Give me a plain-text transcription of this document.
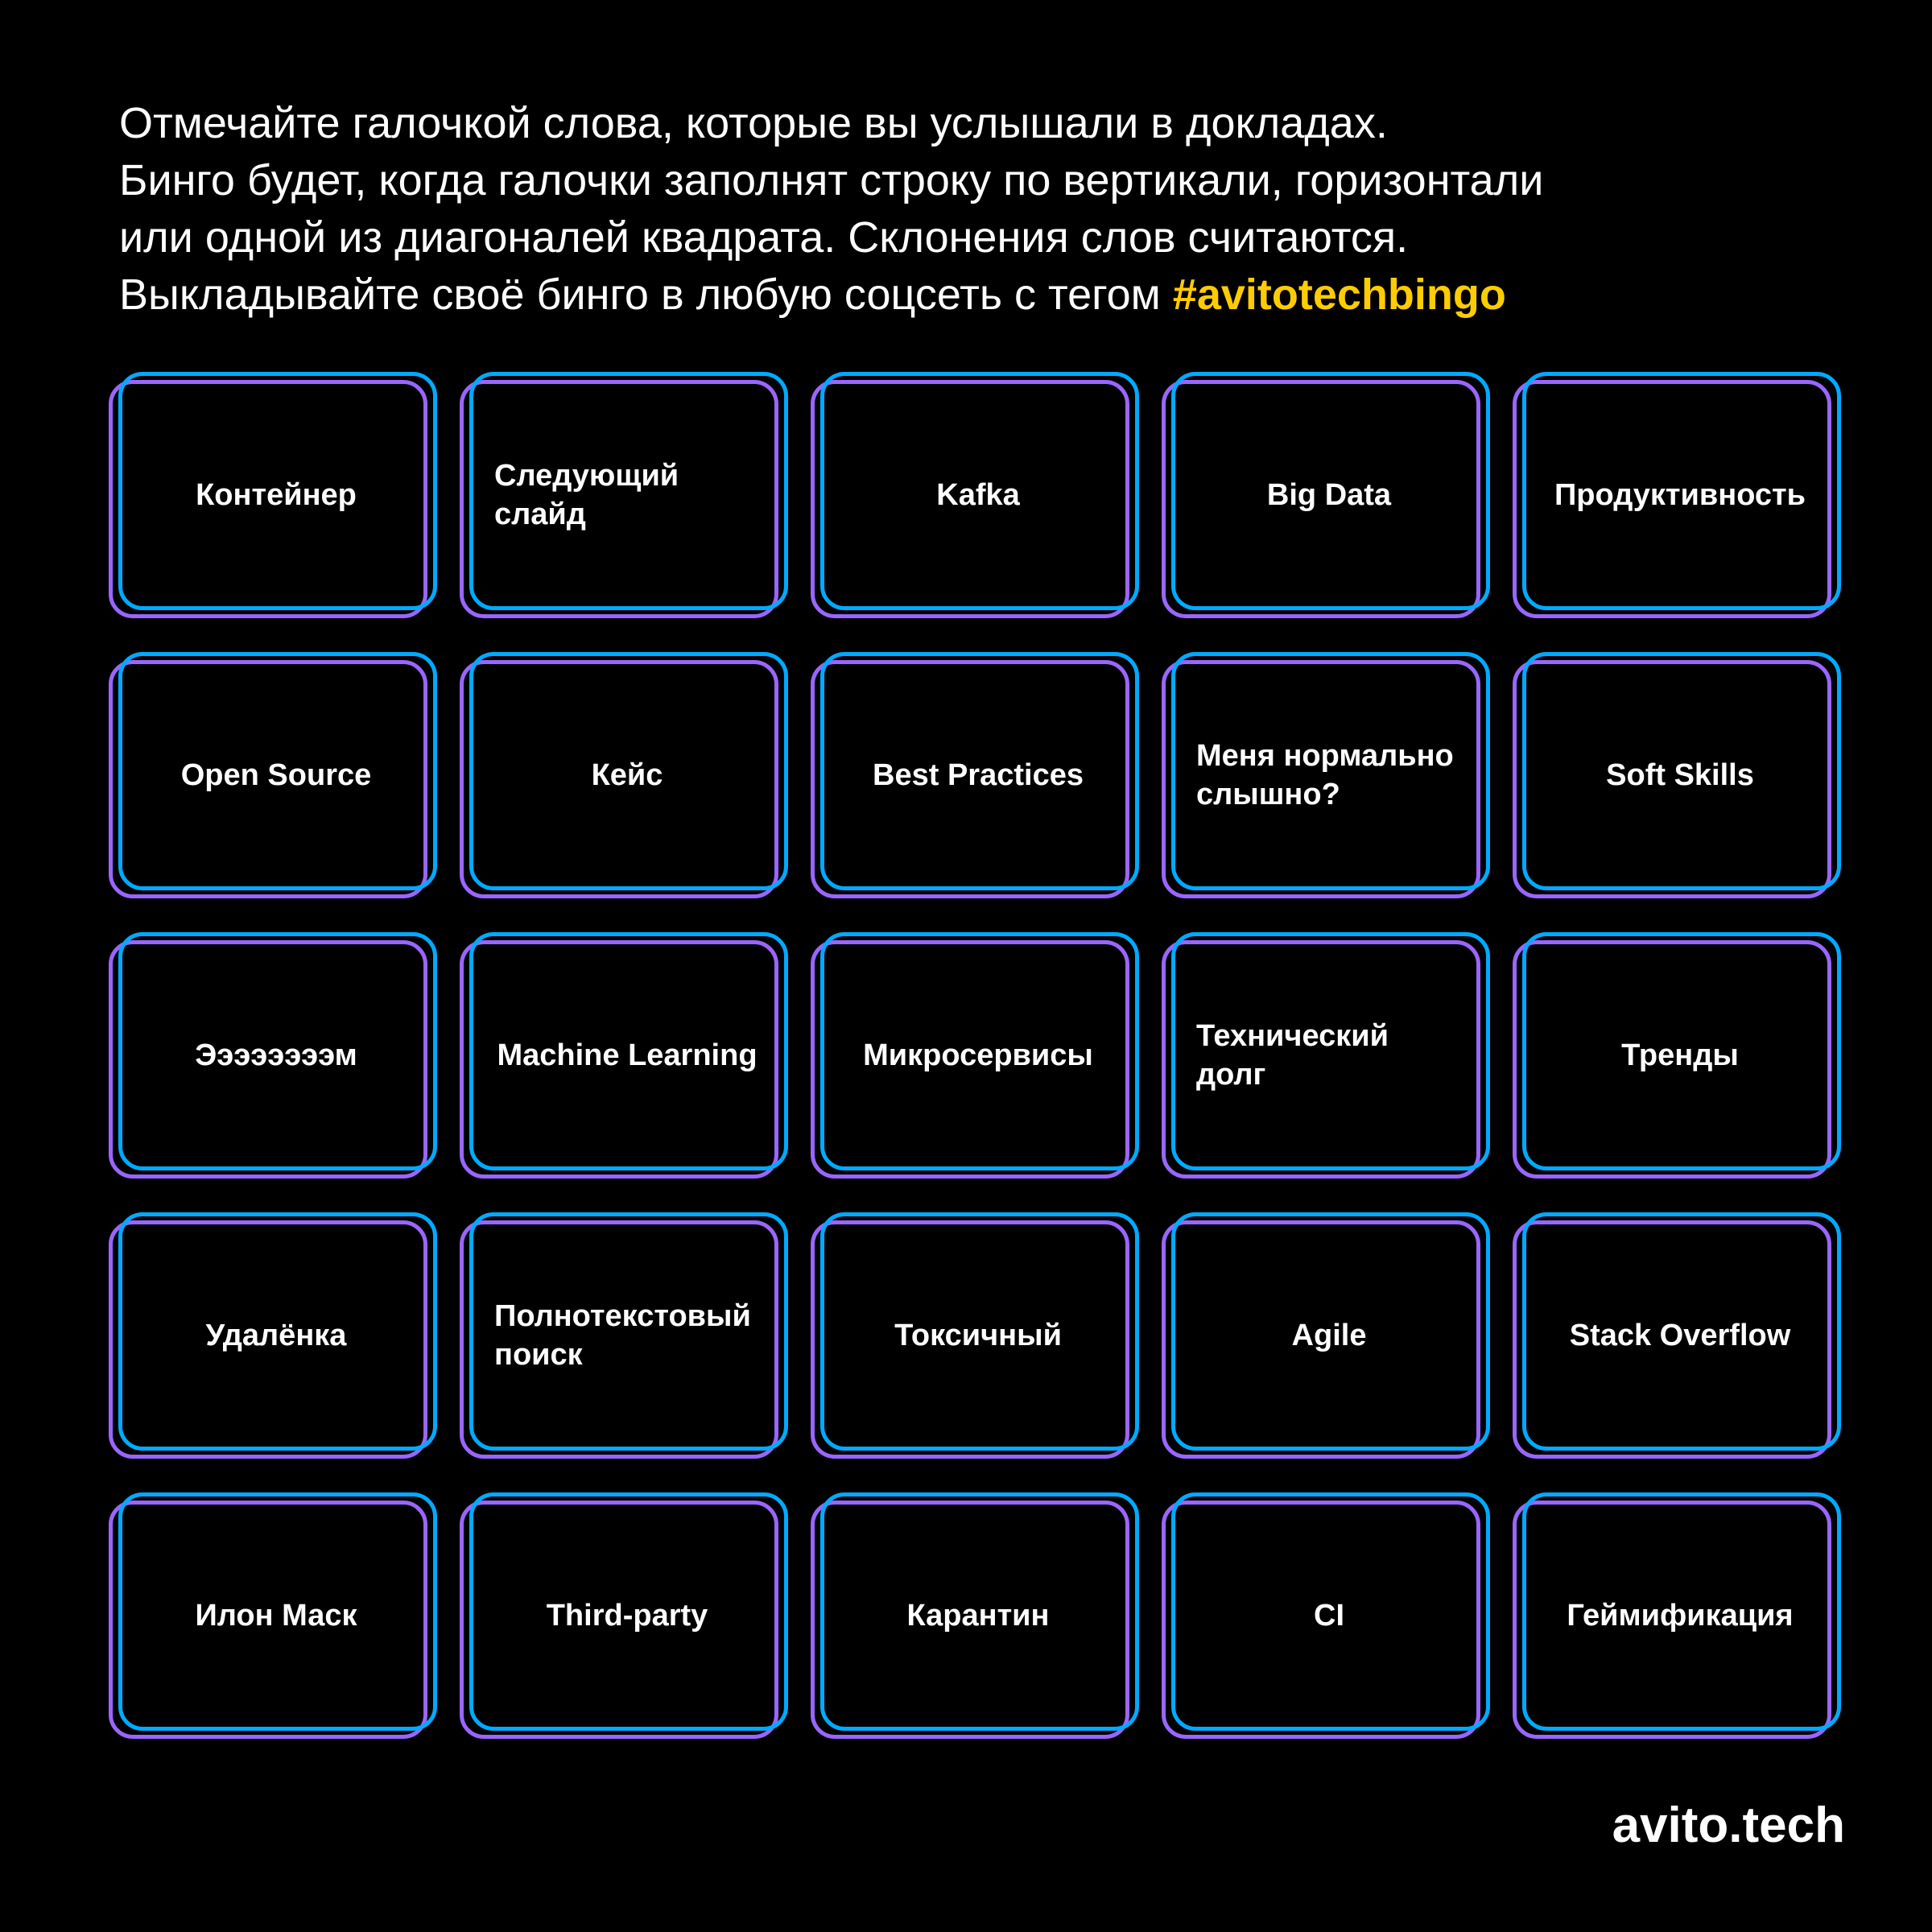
Отмечайте галочкой слова, которые вы услышали в докладах.
Бинго будет, когда галочки заполнят строку по вертикали, горизонтали
или одной из диагоналей квадрата. Склонения слов считаются.
Выкладывайте своё бинго в любую соцсеть с тегом #avitotechbingo
Контейнер
Следующий слайд
Kafka	Big Data	Продуктивность
Open Source	Кейс	Best Practices
Меня нормально слышно?
Soft Skills
Ээээээээм	Machine Learning	Микросервисы
Технический долг
Тренды
Удалёнка
Полнотекстовый поиск
Токсичный	Agile	Stack Overflow
Илон Маск	Third-party	Карантин	CI	Геймификация
avito.tech
